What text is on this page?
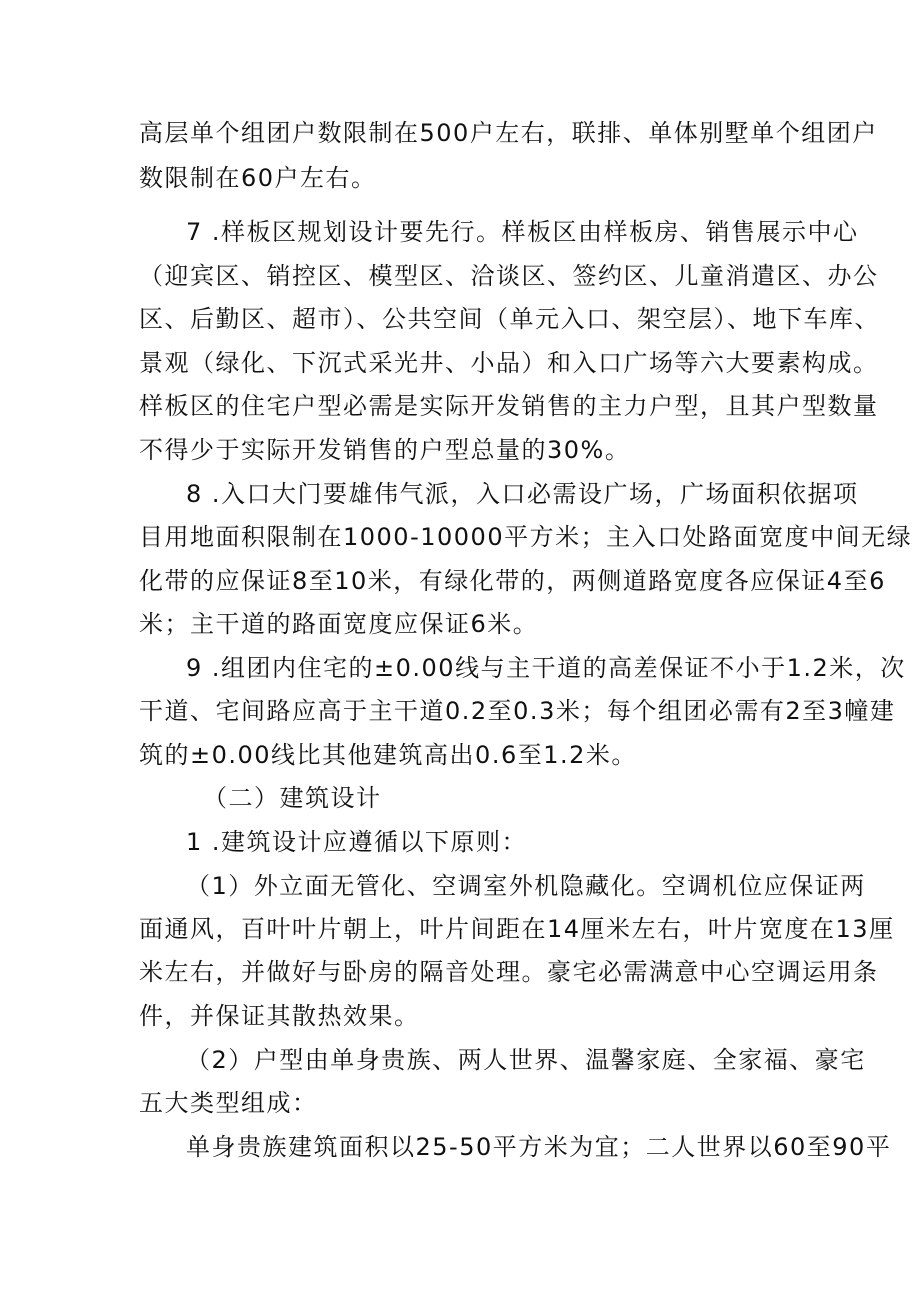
高层单个组团户数限制在500户左右，联排、单体别墅单个组团户
数限制在60户左右。
7 .样板区规划设计要先行。样板区由样板房、销售展示中心
（迎宾区、销控区、模型区、洽谈区、签约区、儿童消遣区、办公
区、后勤区、超市）、公共空间（单元入口、架空层）、地下车库、
景观（绿化、下沉式采光井、小品）和入口广场等六大要素构成。
样板区的住宅户型必需是实际开发销售的主力户型，且其户型数量
不得少于实际开发销售的户型总量的30%。
8 .入口大门要雄伟气派，入口必需设广场，广场面积依据项
目用地面积限制在1000-10000平方米；主入口处路面宽度中间无绿
化带的应保证8至10米，有绿化带的，两侧道路宽度各应保证4至6
米；主干道的路面宽度应保证6米。
9 .组团内住宅的±0.00线与主干道的高差保证不小于1.2米，次
干道、宅间路应高于主干道0.2至0.3米；每个组团必需有2至3幢建
筑的±0.00线比其他建筑高出0.6至1.2米。
（二）建筑设计
1 .建筑设计应遵循以下原则：
（1）外立面无管化、空调室外机隐藏化。空调机位应保证两
面通风，百叶叶片朝上，叶片间距在14厘米左右，叶片宽度在13厘
米左右，并做好与卧房的隔音处理。豪宅必需满意中心空调运用条
件，并保证其散热效果。
（2）户型由单身贵族、两人世界、温馨家庭、全家福、豪宅
五大类型组成：
单身贵族建筑面积以25-50平方米为宜；二人世界以60至90平
